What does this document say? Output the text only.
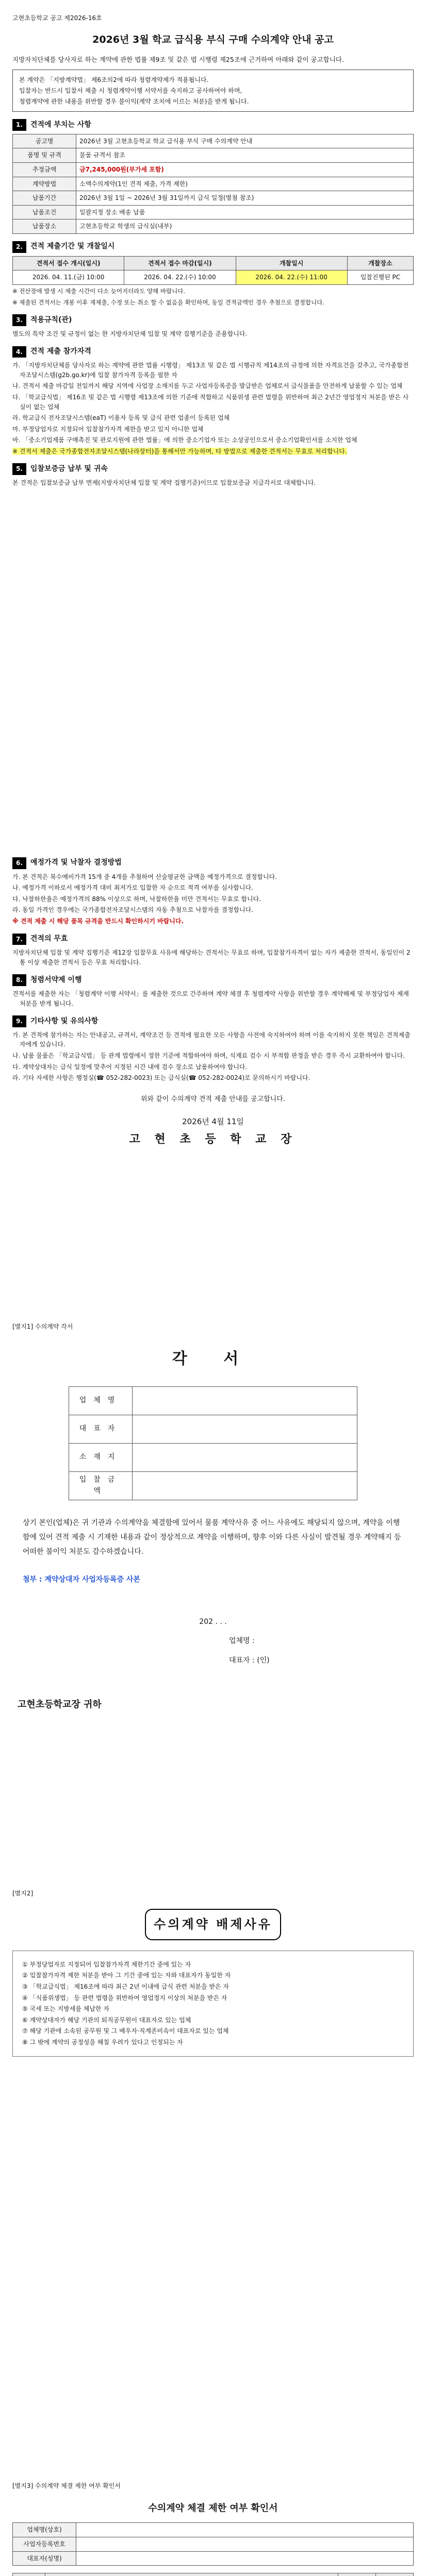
고현초등학교 공고 제2026-16호
2026년 3월 학교 급식용 부식 구매 수의계약 안내 공고

지방자치단체를 당사자로 하는 계약에 관한 법률 제9조 및 같은 법 시행령 제25조에 근거하여 아래와 같이 공고합니다.

본 계약은 「지방계약법」 제6조의2에 따라 청렴계약제가 적용됩니다.

입찰자는 반드시 입찰서 제출 시 청렴계약이행 서약서를 숙지하고 공사하여야 하며,

청렴계약에 관한 내용을 위반할 경우 불이익(계약 조치에 이르는 처분)을 받게 됩니다.

1.	견적에 부치는 사항
공고명	2026년 3월 고현초등학교 학교 급식용 부식 구매 수의계약 안내
품명 및 규격	물품 규격서 참조
추정금액	금7,245,000원(부가세 포함)
계약방법	소액수의계약(1인 견적 제출, 가격 제한)
납품기간	2026년 3월 1일 ~ 2026년 3월 31일까지 급식 일정(별첨 참조)
납품조건	일괄지정 장소 배송 납품
납품장소	고현초등학교 학생의 급식실(내부)
2.	견적 제출기간 및 개찰일시
견적서 접수 개시(일시)	견적서 접수 마감(일시)	개찰일시	개찰장소
2026. 04. 11.(금) 10:00	2026. 04. 22.(수) 10:00	2026. 04. 22.(수) 11:00	입찰진행된 PC

※ 전산장애 발생 시 제출 시간이 다소 늦어지더라도 양해 바랍니다.

※ 제출된 견적서는 개봉 이후 재제출, 수정 또는 취소 할 수 없음을 확인하며, 동일 견적금액인 경우 추첨으로 결정합니다.

3.	적용규칙(관)

별도의 특약 조건 및 규정이 없는 한 지방자치단체 입찰 및 계약 집행기준을 준용합니다.

4.	견적 제출 참가자격

가. 「지방자치단체를 당사자로 하는 계약에 관한 법률 시행령」 제13조 및 같은 법 시행규칙 제14조의 규정에 의한 자격요건을 갖추고, 국가종합전자조달시스템(g2b.go.kr)에 입찰 참가자격 등록을 필한 자

나. 견적서 제출 마감일 전일까지 해당 지역에 사업장 소재지를 두고 사업자등록증을 발급받은 업체로서 급식물품을 안전하게 납품할 수 있는 업체

다. 「학교급식법」 제16조 및 같은 법 시행령 제13조에 의한 기준에 적합하고 식품위생 관련 법령을 위반하여 최근 2년간 영업정지 처분을 받은 사실이 없는 업체

라. 학교급식 전자조달시스템(eaT) 이용자 등록 및 급식 관련 업종이 등록된 업체

마. 부정당업자로 지정되어 입찰참가자격 제한을 받고 있지 아니한 업체

바. 「중소기업제품 구매촉진 및 판로지원에 관한 법률」에 의한 중소기업자 또는 소상공인으로서 중소기업확인서를 소지한 업체

※ 견적서 제출은 국가종합전자조달시스템(나라장터)을 통해서만 가능하며, 타 방법으로 제출한 견적서는 무효로 처리합니다.

5.	입찰보증금 납부 및 귀속

본 견적은 입찰보증금 납부 면제(지방자치단체 입찰 및 계약 집행기준)이므로 입찰보증금 지급각서로 대체합니다.

6.	예정가격 및 낙찰자 결정방법

가. 본 견적은 복수예비가격 15개 중 4개를 추첨하여 산술평균한 금액을 예정가격으로 결정합니다.

나. 예정가격 이하로서 예정가격 대비 최저가로 입찰한 자 순으로 적격 여부를 심사합니다.

다. 낙찰하한율은 예정가격의 88% 이상으로 하며, 낙찰하한율 미만 견적서는 무효로 합니다.

라. 동일 가격인 경우에는 국가종합전자조달시스템의 자동 추첨으로 낙찰자를 결정합니다.

※ 견적 제출 시 해당 품목 규격을 반드시 확인하시기 바랍니다.

7.	견적의 무효

지방자치단체 입찰 및 계약 집행기준 제12장 입찰무효 사유에 해당하는 견적서는 무효로 하며, 입찰참가자격이 없는 자가 제출한 견적서, 동일인이 2통 이상 제출한 견적서 등은 무효 처리합니다.

8.	청렴서약제 이행

견적서를 제출한 자는 「청렴계약 이행 서약서」를 제출한 것으로 간주하며 계약 체결 후 청렴계약 사항을 위반할 경우 계약해제 및 부정당업자 제재 처분을 받게 됩니다.

9.	기타사항 및 유의사항

가. 본 견적에 참가하는 자는 안내공고, 규격서, 계약조건 등 견적에 필요한 모든 사항을 사전에 숙지하여야 하며 이를 숙지하지 못한 책임은 견적제출자에게 있습니다.

나. 납품 물품은 「학교급식법」 등 관계 법령에서 정한 기준에 적합하여야 하며, 식재료 검수 시 부적합 판정을 받은 경우 즉시 교환하여야 합니다.

다. 계약상대자는 급식 일정에 맞추어 지정된 시간 내에 검수 장소로 납품하여야 합니다.

라. 기타 자세한 사항은 행정실(☎ 052-282-0023) 또는 급식실(☎ 052-282-0024)로 문의하시기 바랍니다.

위와 같이 수의계약 견적 제출 안내를 공고합니다.

2026년 4월 11일
고 현 초 등 학 교 장
[별지1] 수의계약 각서
각 서
업체명	
대표자	
소재지	
입찰금액	

상기 본인(업체)은 귀 기관과 수의계약을 체결함에 있어서 물품 계약사유 중 어느 사유에도 해당되지 않으며, 계약을 이행함에 있어 견적 제출 시 기재한 내용과 같이 정상적으로 계약을 이행하며, 향후 이와 다른 사실이 발견될 경우 계약해지 등 어떠한 불이익 처분도 감수하겠습니다.

첨부 : 계약상대자 사업자등록증 사본

202 . . .

업체명 :

대표자 : (인)

고현초등학교장 귀하

[별지2]
수의계약 배제사유

① 부정당업자로 지정되어 입찰참가자격 제한기간 중에 있는 자

② 입찰참가자격 제한 처분을 받아 그 기간 중에 있는 자와 대표자가 동일한 자

③ 「학교급식법」 제16조에 따라 최근 2년 이내에 급식 관련 처분을 받은 자

④ 「식품위생법」 등 관련 법령을 위반하여 영업정지 이상의 처분을 받은 자

⑤ 국세 또는 지방세를 체납한 자

⑥ 계약상대자가 해당 기관의 퇴직공무원이 대표자로 있는 업체

⑦ 해당 기관에 소속된 공무원 및 그 배우자·직계존비속이 대표자로 있는 업체

⑧ 그 밖에 계약의 공정성을 해칠 우려가 있다고 인정되는 자

[별지3] 수의계약 체결 제한 여부 확인서
수의계약 체결 제한 여부 확인서
업체명(상호)	
사업자등록번호	
대표자(성명)	
